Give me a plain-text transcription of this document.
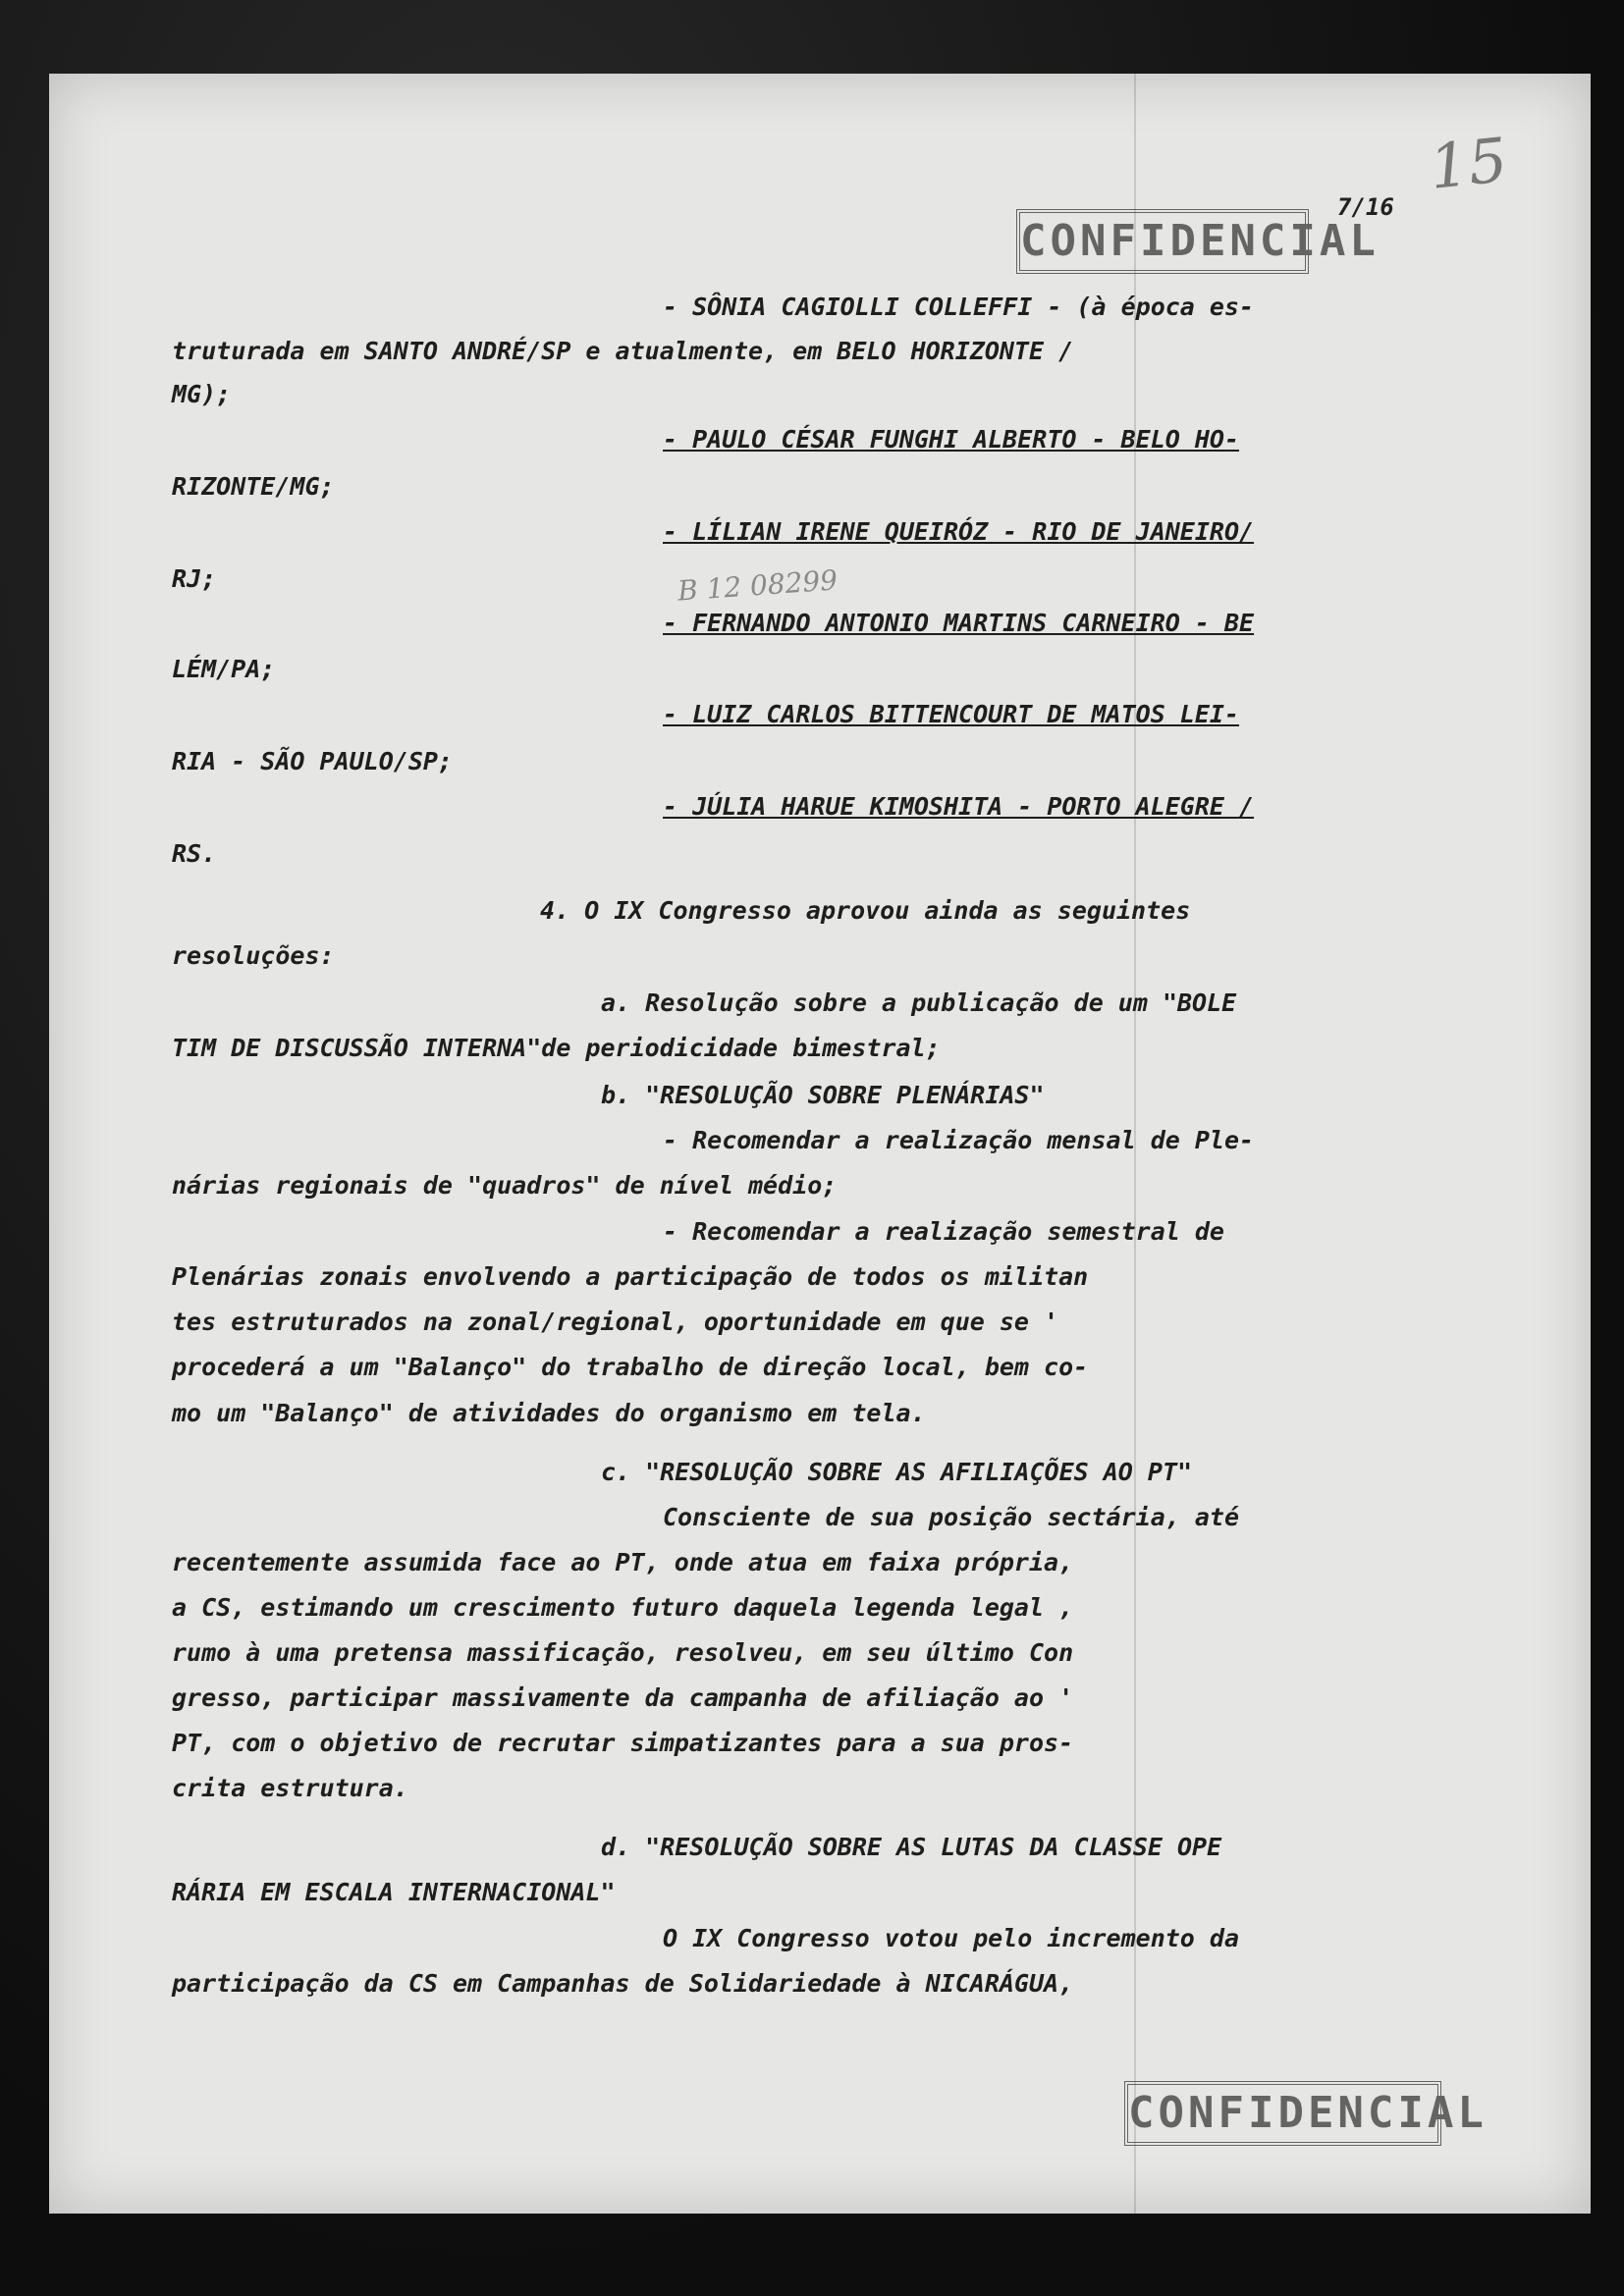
15
7/16
CONFIDENCIAL
B 12 08299
- SÔNIA CAGIOLLI COLLEFFI - (à época es-
truturada em SANTO ANDRÉ/SP e atualmente, em BELO HORIZONTE /
MG);
- PAULO CÉSAR FUNGHI ALBERTO - BELO HO-
RIZONTE/MG;
- LÍLIAN IRENE QUEIRÓZ - RIO DE JANEIRO/
RJ;
- FERNANDO ANTONIO MARTINS CARNEIRO - BE
LÉM/PA;
- LUIZ CARLOS BITTENCOURT DE MATOS LEI-
RIA - SÃO PAULO/SP;
- JÚLIA HARUE KIMOSHITA - PORTO ALEGRE /
RS.
4. O IX Congresso aprovou ainda as seguintes
resoluções:
a. Resolução sobre a publicação de um "BOLE
TIM DE DISCUSSÃO INTERNA"de periodicidade bimestral;
b. "RESOLUÇÃO SOBRE PLENÁRIAS"
- Recomendar a realização mensal de Ple-
nárias regionais de "quadros" de nível médio;
- Recomendar a realização semestral de
Plenárias zonais envolvendo a participação de todos os militan
tes estruturados na zonal/regional, oportunidade em que se '
procederá a um "Balanço" do trabalho de direção local, bem co-
mo um "Balanço" de atividades do organismo em tela.
c. "RESOLUÇÃO SOBRE AS AFILIAÇÕES AO PT"
Consciente de sua posição sectária, até
recentemente assumida face ao PT, onde atua em faixa própria,
a CS, estimando um crescimento futuro daquela legenda legal ,
rumo à uma pretensa massificação, resolveu, em seu último Con
gresso, participar massivamente da campanha de afiliação ao '
PT, com o objetivo de recrutar simpatizantes para a sua pros-
crita estrutura.
d. "RESOLUÇÃO SOBRE AS LUTAS DA CLASSE OPE
RÁRIA EM ESCALA INTERNACIONAL"
O IX Congresso votou pelo incremento da
participação da CS em Campanhas de Solidariedade à NICARÁGUA,
CONFIDENCIAL
